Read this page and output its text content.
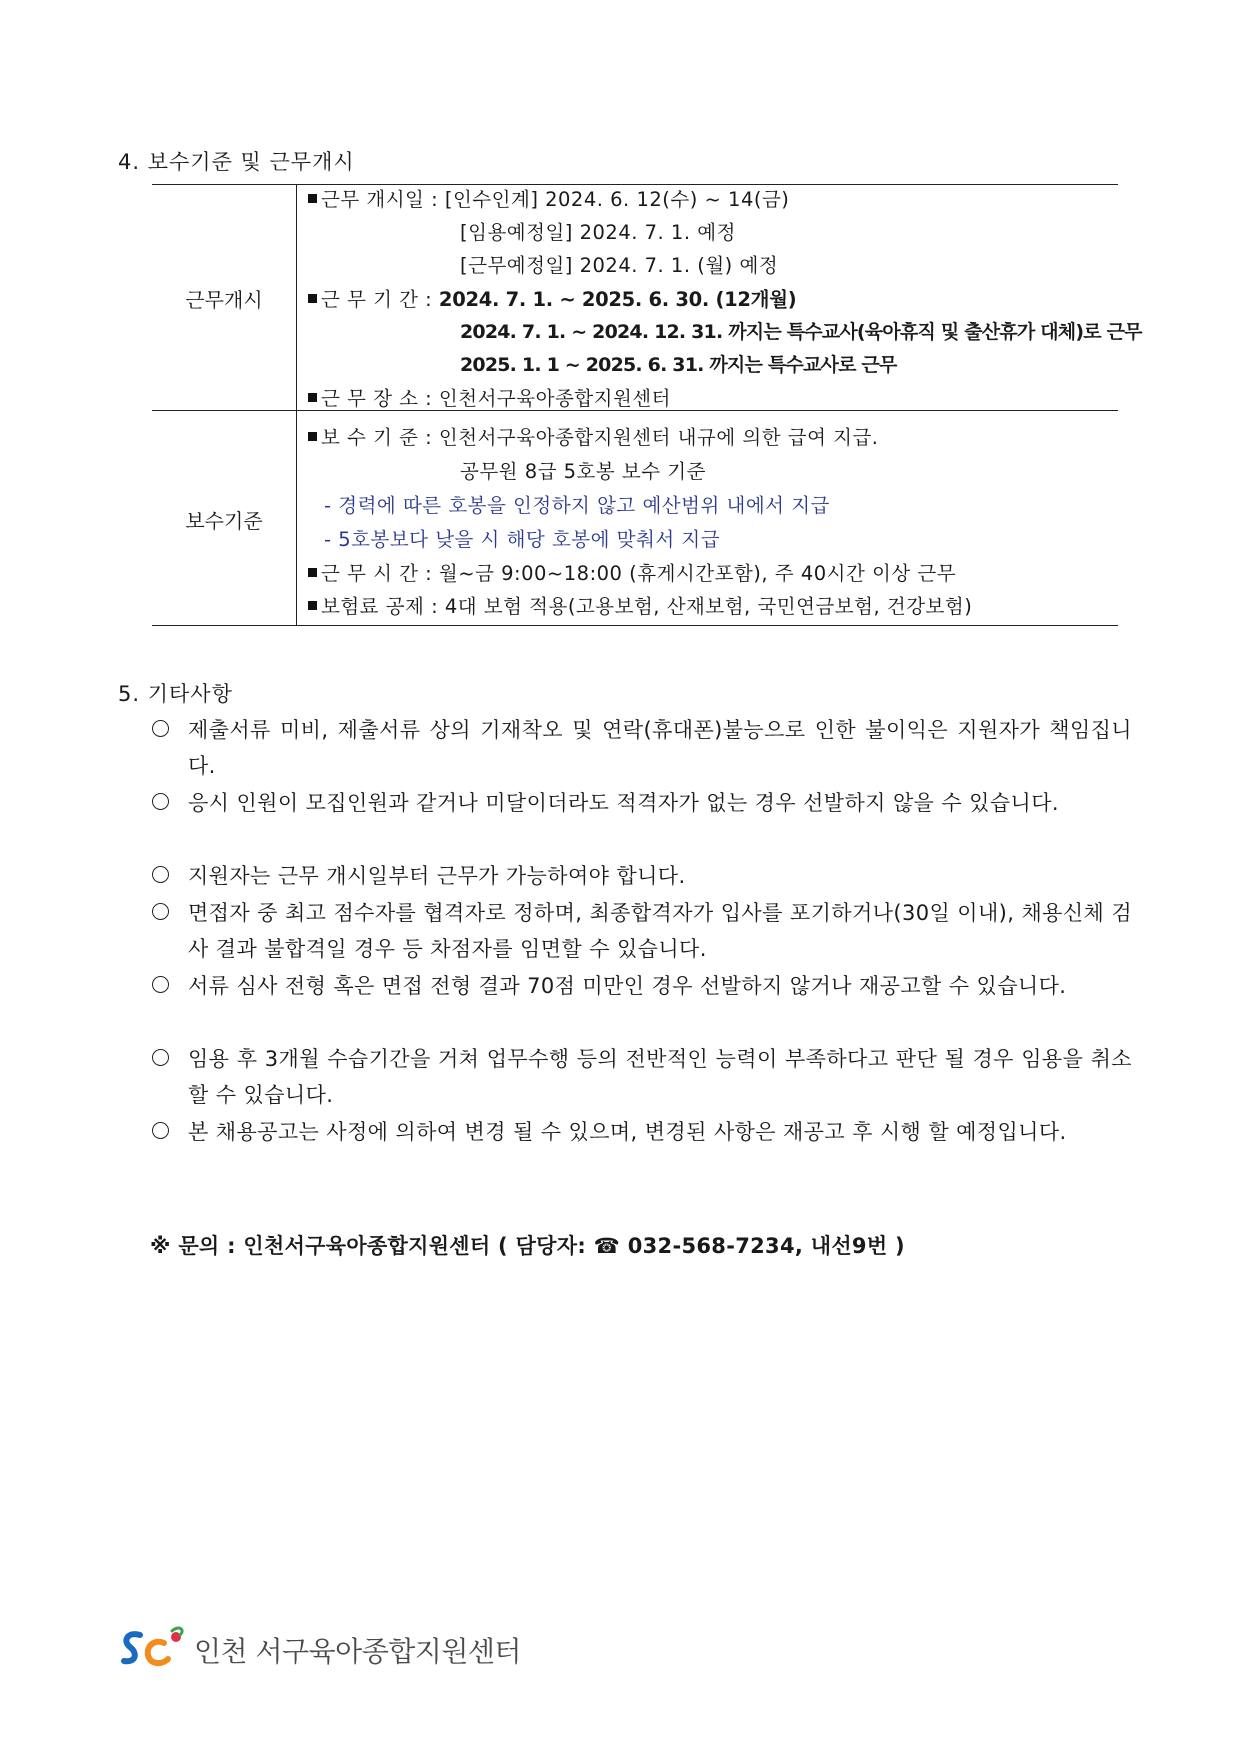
4. 보수기준 및 근무개시
근무개시
근무 개시일 : [인수인계] 2024. 6. 12(수) ~ 14(금)
[임용예정일] 2024. 7. 1. 예정
[근무예정일] 2024. 7. 1. (월) 예정
근 무 기 간 : 2024. 7. 1. ~ 2025. 6. 30. (12개월)
2024. 7. 1. ~ 2024. 12. 31. 까지는 특수교사(육아휴직 및 출산휴가 대체)로 근무
2025. 1. 1 ~ 2025. 6. 31. 까지는 특수교사로 근무
근 무 장 소 : 인천서구육아종합지원센터
보수기준
보 수 기 준 : 인천서구육아종합지원센터 내규에 의한 급여 지급.
공무원 8급 5호봉 보수 기준
- 경력에 따른 호봉을 인정하지 않고 예산범위 내에서 지급
- 5호봉보다 낮을 시 해당 호봉에 맞춰서 지급
근 무 시 간 : 월~금 9:00~18:00 (휴게시간포함), 주 40시간 이상 근무
보험료 공제 : 4대 보험 적용(고용보험, 산재보험, 국민연금보험, 건강보험)
5. 기타사항
제출서류 미비, 제출서류 상의 기재착오 및 연락(휴대폰)불능으로 인한 불이익은 지원자가 책임집니다.
응시 인원이 모집인원과 같거나 미달이더라도 적격자가 없는 경우 선발하지 않을 수 있습니다.
지원자는 근무 개시일부터 근무가 가능하여야 합니다.
면접자 중 최고 점수자를 협격자로 정하며, 최종합격자가 입사를 포기하거나(30일 이내), 채용신체 검사 결과 불합격일 경우 등 차점자를 임면할 수 있습니다.
서류 심사 전형 혹은 면접 전형 결과 70점 미만인 경우 선발하지 않거나 재공고할 수 있습니다.
임용 후 3개월 수습기간을 거쳐 업무수행 등의 전반적인 능력이 부족하다고 판단 될 경우 임용을 취소할 수 있습니다.
본 채용공고는 사정에 의하여 변경 될 수 있으며, 변경된 사항은 재공고 후 시행 할 예정입니다.
※ 문의 : 인천서구육아종합지원센터 ( 담당자: ☎ 032-568-7234, 내선9번 )
인천 서구육아종합지원센터
